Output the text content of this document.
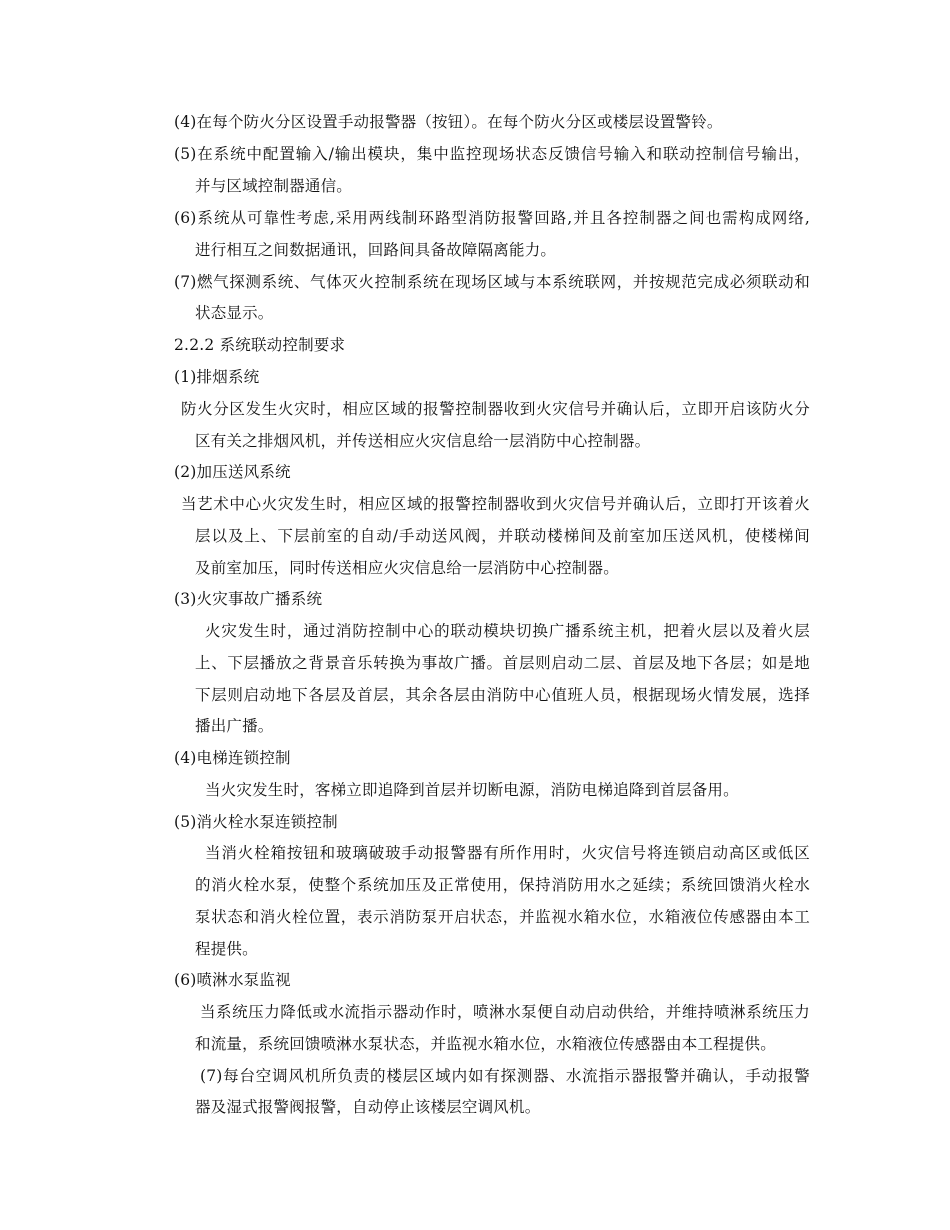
(4)在每个防火分区设置手动报警器（按钮）。在每个防火分区或楼层设置警铃。
(5)在系统中配置输入/输出模块，集中监控现场状态反馈信号输入和联动控制信号输出，
并与区域控制器通信。
(6)系统从可靠性考虑,采用两线制环路型消防报警回路,并且各控制器之间也需构成网络,
进行相互之间数据通讯，回路间具备故障隔离能力。
(7)燃气探测系统、气体灭火控制系统在现场区域与本系统联网，并按规范完成必须联动和
状态显示。
2.2.2 系统联动控制要求
(1)排烟系统
防火分区发生火灾时，相应区域的报警控制器收到火灾信号并确认后，立即开启该防火分
区有关之排烟风机，并传送相应火灾信息给一层消防中心控制器。
(2)加压送风系统
当艺术中心火灾发生时，相应区域的报警控制器收到火灾信号并确认后，立即打开该着火
层以及上、下层前室的自动/手动送风阀，并联动楼梯间及前室加压送风机，使楼梯间
及前室加压，同时传送相应火灾信息给一层消防中心控制器。
(3)火灾事故广播系统
火灾发生时，通过消防控制中心的联动模块切换广播系统主机，把着火层以及着火层
上、下层播放之背景音乐转换为事故广播。首层则启动二层、首层及地下各层；如是地
下层则启动地下各层及首层，其余各层由消防中心值班人员，根据现场火情发展，选择
播出广播。
(4)电梯连锁控制
当火灾发生时，客梯立即追降到首层并切断电源，消防电梯追降到首层备用。
(5)消火栓水泵连锁控制
当消火栓箱按钮和玻璃破玻手动报警器有所作用时，火灾信号将连锁启动高区或低区
的消火栓水泵，使整个系统加压及正常使用，保持消防用水之延续；系统回馈消火栓水
泵状态和消火栓位置，表示消防泵开启状态，并监视水箱水位，水箱液位传感器由本工
程提供。
(6)喷淋水泵监视
当系统压力降低或水流指示器动作时，喷淋水泵便自动启动供给，并维持喷淋系统压力
和流量，系统回馈喷淋水泵状态，并监视水箱水位，水箱液位传感器由本工程提供。
(7)每台空调风机所负责的楼层区域内如有探测器、水流指示器报警并确认，手动报警
器及湿式报警阀报警，自动停止该楼层空调风机。
